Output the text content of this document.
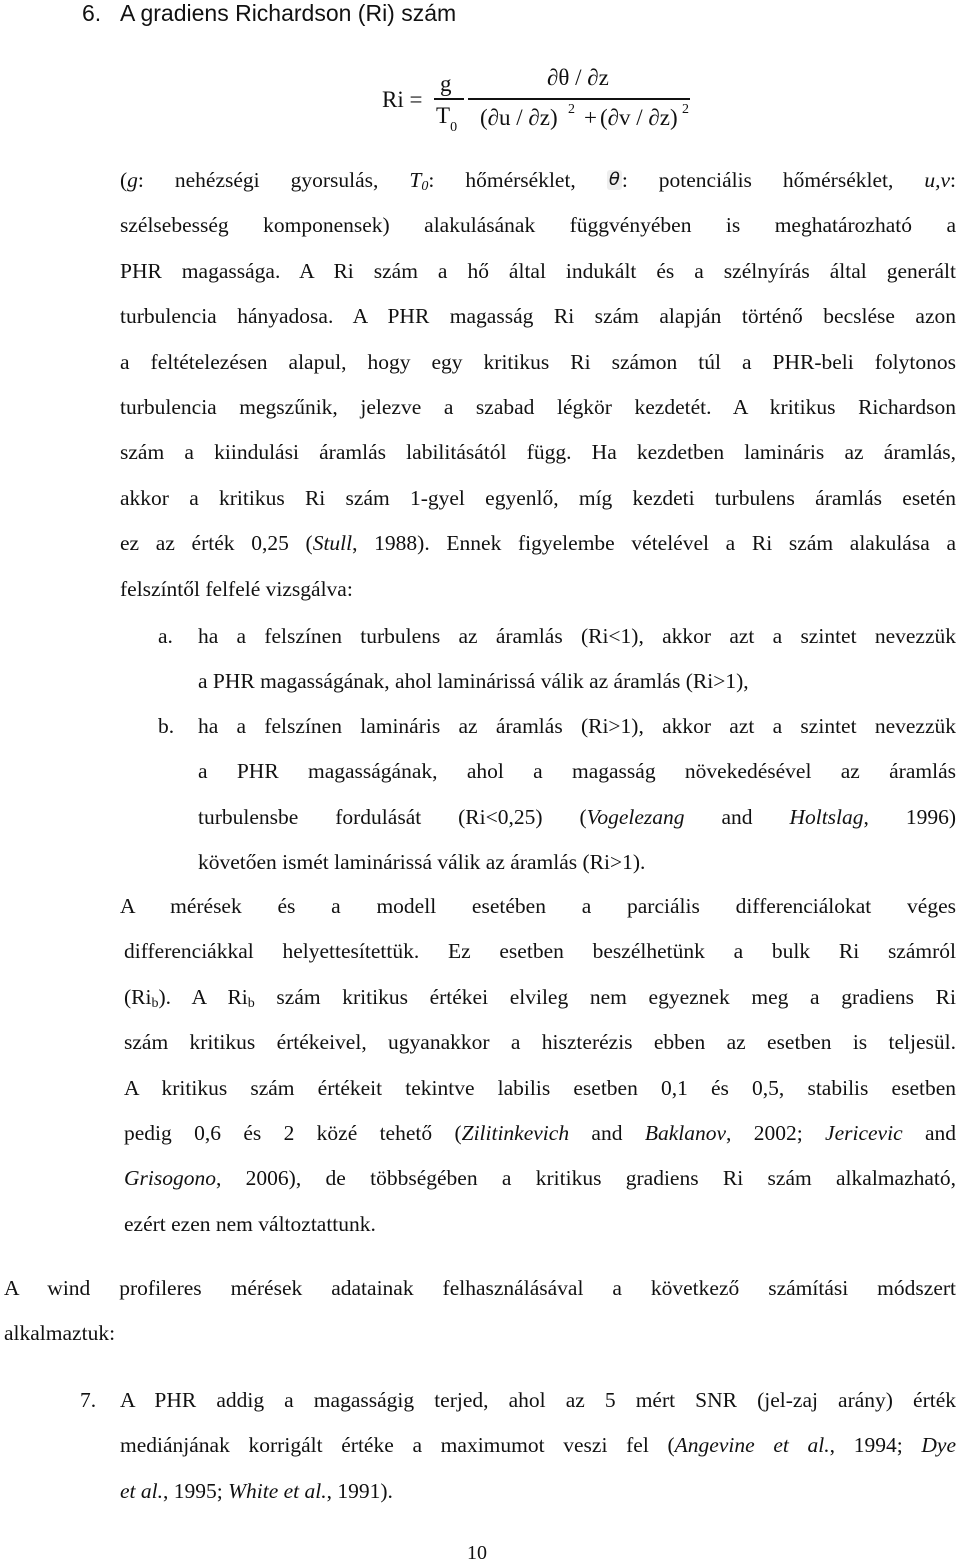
6. A gradiens Richardson (Ri) szám
Ri =
g
$T_0$
∂θ / ∂z
(∂u / ∂z) 2 + (∂v / ∂z) 2

(g: nehézségi gyorsulás, $T_0$: hőmérséklet, θ: potenciális hőmérséklet, u,v:
szélsebesség komponensek) alakulásának függvényében is meghatározható a
PHR magassága. A Ri szám a hő által indukált és a szélnyírás által generált
turbulencia hányadosa. A PHR magasság Ri szám alapján történő becslése azon
a feltételezésen alapul, hogy egy kritikus Ri számon túl a PHR-beli folytonos
turbulencia megszűnik, jelezve a szabad légkör kezdetét. A kritikus Richardson
szám a kiindulási áramlás labilitásától függ. Ha kezdetben lamináris az áramlás,
akkor a kritikus Ri szám 1-gyel egyenlő, míg kezdeti turbulens áramlás esetén
ez az érték 0,25 (Stull, 1988). Ennek figyelembe vételével a Ri szám alakulása a
felszíntől felfelé vizsgálva:

a. ha a felszínen turbulens az áramlás (Ri<1), akkor azt a szintet nevezzük
a PHR magasságának, ahol laminárissá válik az áramlás (Ri>1),
b. ha a felszínen lamináris az áramlás (Ri>1), akkor azt a szintet nevezzük
a PHR magasságának, ahol a magasság növekedésével az áramlás
turbulensbe fordulását (Ri<0,25) (Vogelezang and Holtslag, 1996)
követően ismét laminárissá válik az áramlás (Ri>1).

A mérések és a modell esetében a parciális differenciálokat véges
differenciákkal helyettesítettük. Ez esetben beszélhetünk a bulk Ri számról
$(Ri_b)$. A $Ri_b$ szám kritikus értékei elvileg nem egyeznek meg a gradiens Ri
szám kritikus értékeivel, ugyanakkor a hiszterézis ebben az esetben is teljesül.
A kritikus szám értékeit tekintve labilis esetben 0,1 és 0,5, stabilis esetben
pedig 0,6 és 2 közé tehető (Zilitinkevich and Baklanov, 2002; Jericevic and
Grisogono, 2006), de többségében a kritikus gradiens Ri szám alkalmazható,
ezért ezen nem változtattunk.

A wind profileres mérések adatainak felhasználásával a következő számítási módszert
alkalmaztuk:

7. A PHR addig a magasságig terjed, ahol az 5 mért SNR (jel-zaj arány) érték
mediánjának korrigált értéke a maximumot veszi fel (Angevine et al., 1994; Dye
et al., 1995; White et al., 1991).
10
